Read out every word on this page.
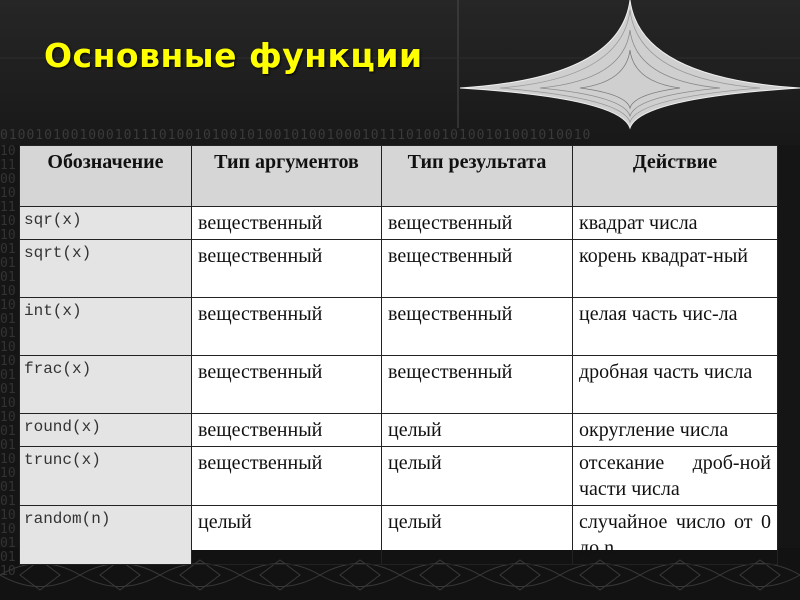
0100101001000101110100101001010010100100010111010010100101001010010
10110010111010010101101001011010010110100101101001011010010110
Основные функции
Обозначение	Тип аргументов	Тип результата	Действие
sqr(x)	вещественный	вещественный	квадрат числа
sqrt(x)	вещественный	вещественный	корень квадрат-ный
int(x)	вещественный	вещественный	целая часть чис-ла
frac(x)	вещественный	вещественный	дробная часть числа
round(x)	вещественный	целый	округление числа
trunc(x)	вещественный	целый	отсекание дроб-ной части числа
random(n)	целый	целый	случайное число от 0 до n
